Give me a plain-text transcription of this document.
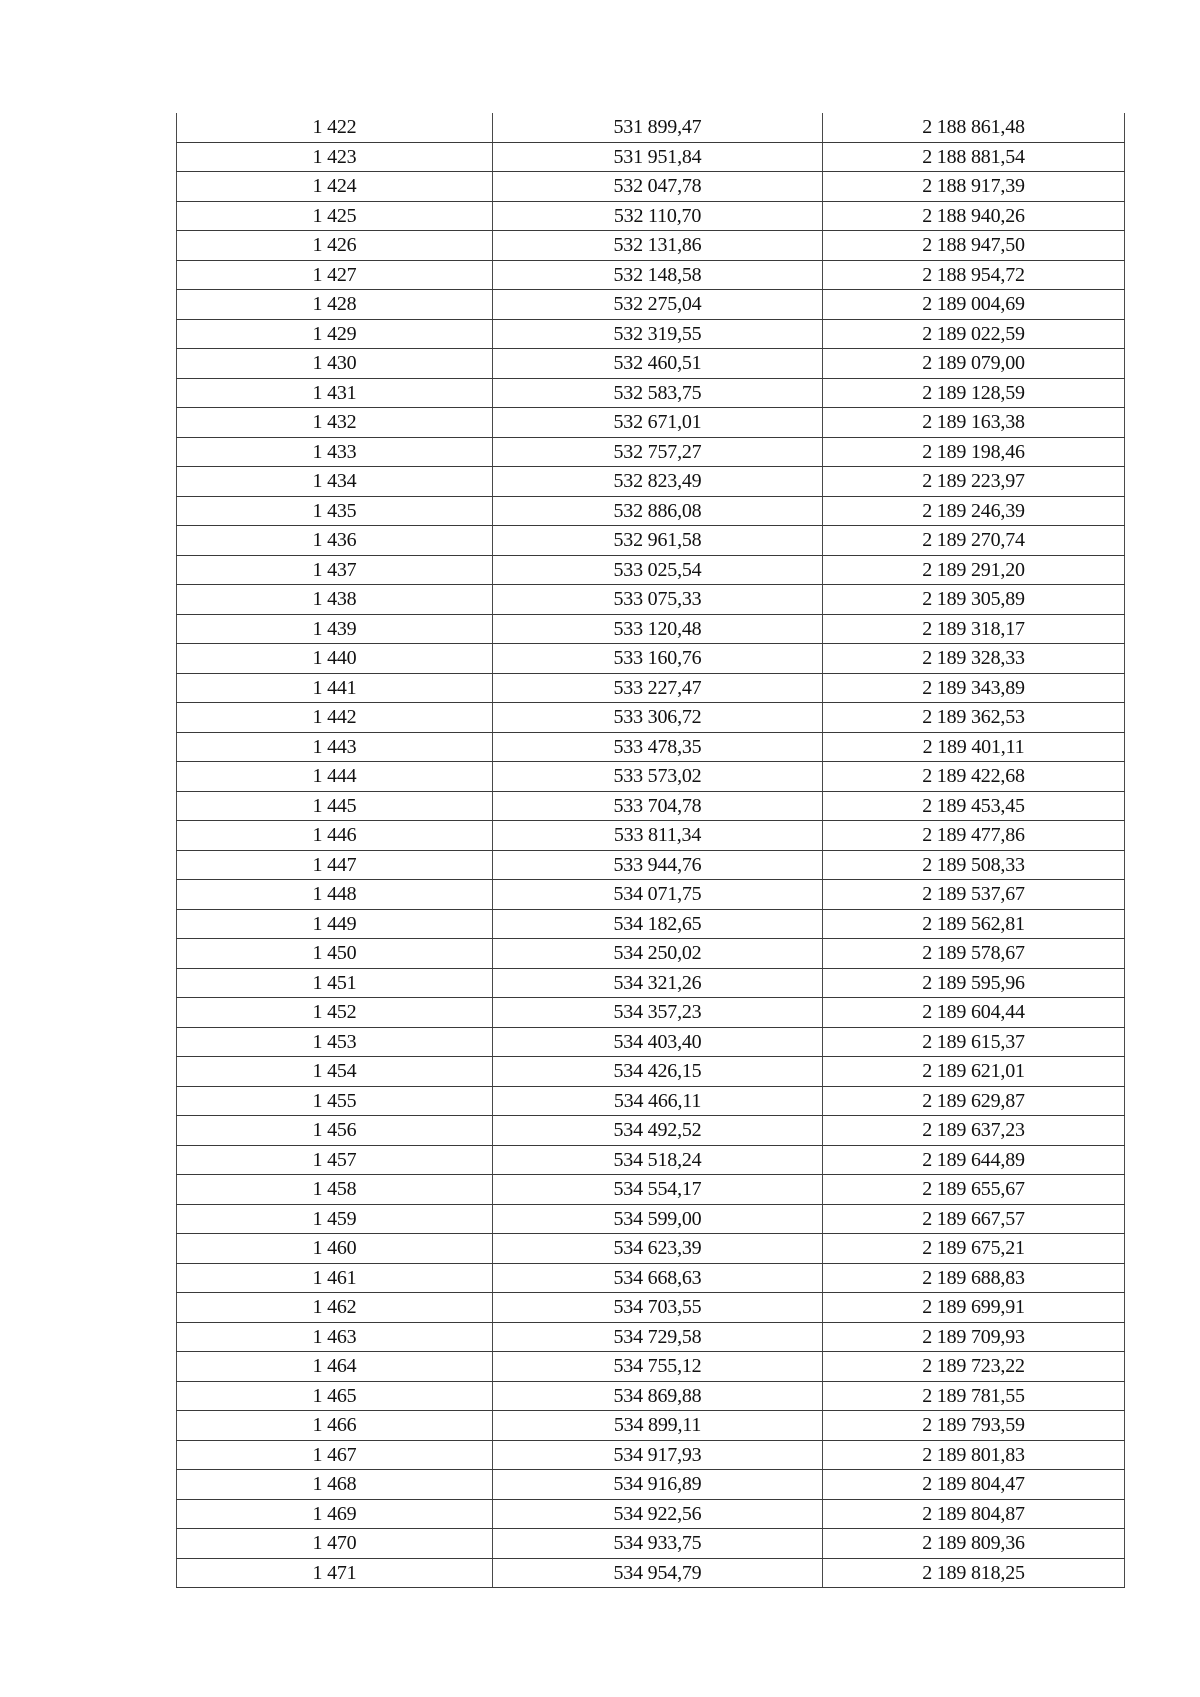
1 422	531 899,47	2 188 861,48
1 423	531 951,84	2 188 881,54
1 424	532 047,78	2 188 917,39
1 425	532 110,70	2 188 940,26
1 426	532 131,86	2 188 947,50
1 427	532 148,58	2 188 954,72
1 428	532 275,04	2 189 004,69
1 429	532 319,55	2 189 022,59
1 430	532 460,51	2 189 079,00
1 431	532 583,75	2 189 128,59
1 432	532 671,01	2 189 163,38
1 433	532 757,27	2 189 198,46
1 434	532 823,49	2 189 223,97
1 435	532 886,08	2 189 246,39
1 436	532 961,58	2 189 270,74
1 437	533 025,54	2 189 291,20
1 438	533 075,33	2 189 305,89
1 439	533 120,48	2 189 318,17
1 440	533 160,76	2 189 328,33
1 441	533 227,47	2 189 343,89
1 442	533 306,72	2 189 362,53
1 443	533 478,35	2 189 401,11
1 444	533 573,02	2 189 422,68
1 445	533 704,78	2 189 453,45
1 446	533 811,34	2 189 477,86
1 447	533 944,76	2 189 508,33
1 448	534 071,75	2 189 537,67
1 449	534 182,65	2 189 562,81
1 450	534 250,02	2 189 578,67
1 451	534 321,26	2 189 595,96
1 452	534 357,23	2 189 604,44
1 453	534 403,40	2 189 615,37
1 454	534 426,15	2 189 621,01
1 455	534 466,11	2 189 629,87
1 456	534 492,52	2 189 637,23
1 457	534 518,24	2 189 644,89
1 458	534 554,17	2 189 655,67
1 459	534 599,00	2 189 667,57
1 460	534 623,39	2 189 675,21
1 461	534 668,63	2 189 688,83
1 462	534 703,55	2 189 699,91
1 463	534 729,58	2 189 709,93
1 464	534 755,12	2 189 723,22
1 465	534 869,88	2 189 781,55
1 466	534 899,11	2 189 793,59
1 467	534 917,93	2 189 801,83
1 468	534 916,89	2 189 804,47
1 469	534 922,56	2 189 804,87
1 470	534 933,75	2 189 809,36
1 471	534 954,79	2 189 818,25
